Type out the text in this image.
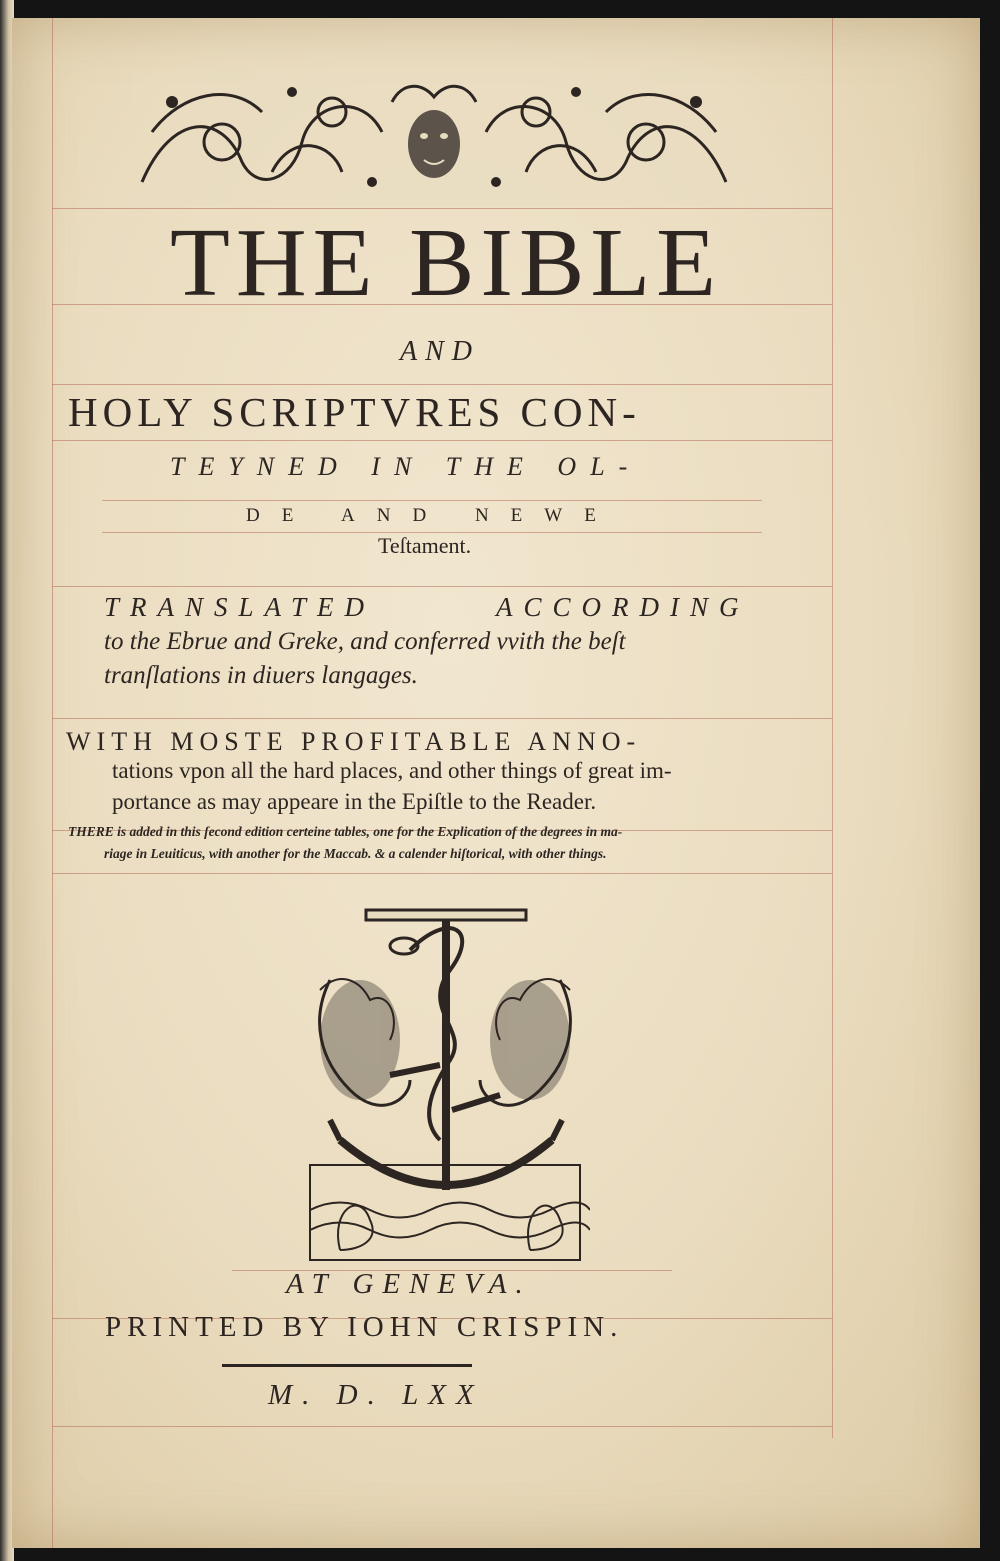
THE BIBLE
AND
HOLY SCRIPTVRES CON-
TEYNED IN THE OL-
DE AND NEWE
Teſtament.
TRANSLATED	ACCORDING
to the Ebrue and Greke, and conferred vvith the beſt
tranſlations in diuers langages.
WITH MOSTE PROFITABLE ANNO-
tations vpon all the hard places, and other things of great im-
portance as may appeare in the Epiſtle to the Reader.
THERE is added in this ſecond edition certeine tables, one for the Explication of the degrees in ma-
riage in Leuiticus, with another for the Maccab. & a calender hiſtorical, with other things.
AT GENEVA.
PRINTED BY IOHN CRISPIN.
M. D. LXX
